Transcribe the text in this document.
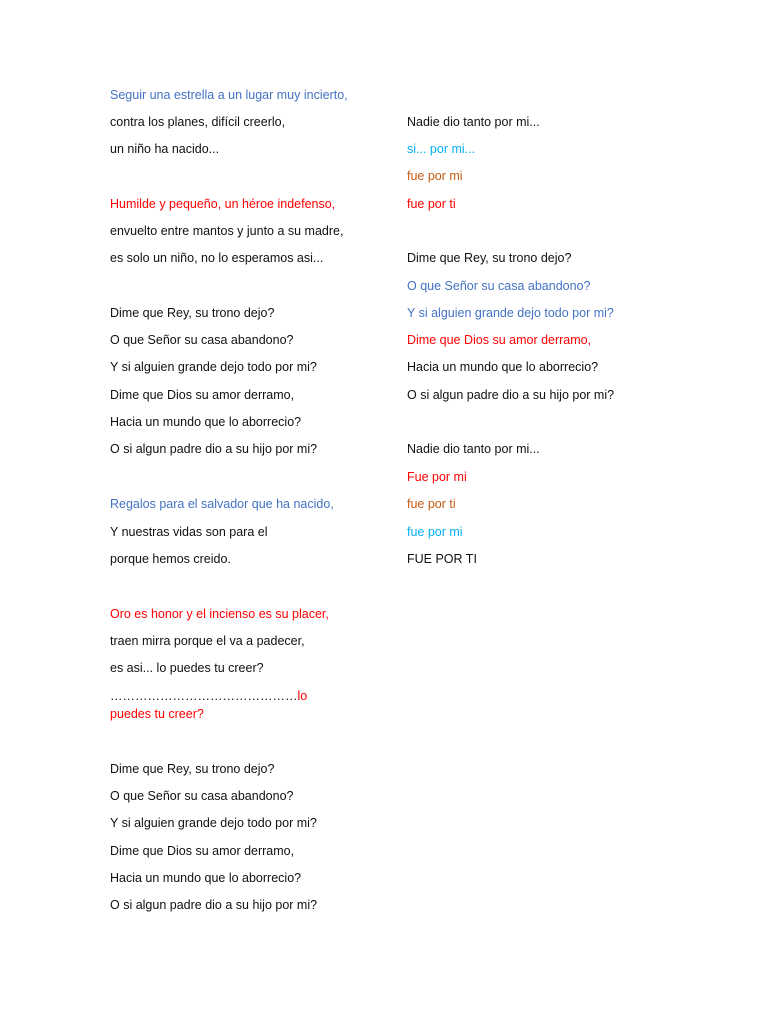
Seguir una estrella a un lugar muy incierto,
contra los planes, difícil creerlo,
un niño ha nacido...
Humilde y pequeño, un héroe indefenso,
envuelto entre mantos y junto a su madre,
es solo un niño, no lo esperamos asi...
Dime que Rey, su trono dejo?
O que Señor su casa abandono?
Y si alguien grande dejo todo por mi?
Dime que Dios su amor derramo,
Hacia un mundo que lo aborrecio?
O si algun padre dio a su hijo por mi?
Regalos para el salvador que ha nacido,
Y nuestras vidas son para el
porque hemos creido.
Oro es honor y el incienso es su placer,
traen mirra porque el va a padecer,
es asi... lo puedes tu creer?
………………………………………lo puedes tu creer?
Dime que Rey, su trono dejo?
O que Señor su casa abandono?
Y si alguien grande dejo todo por mi?
Dime que Dios su amor derramo,
Hacia un mundo que lo aborrecio?
O si algun padre dio a su hijo por mi?
Nadie dio tanto por mi...
si... por mi...
fue por mi
fue por ti
Dime que Rey, su trono dejo?
O que Señor su casa abandono?
Y si alguien grande dejo todo por mi?
Dime que Dios su amor derramo,
Hacia un mundo que lo aborrecio?
O si algun padre dio a su hijo por mi?
Nadie dio tanto por mi...
Fue por mi
fue por ti
fue por mi
FUE POR TI
